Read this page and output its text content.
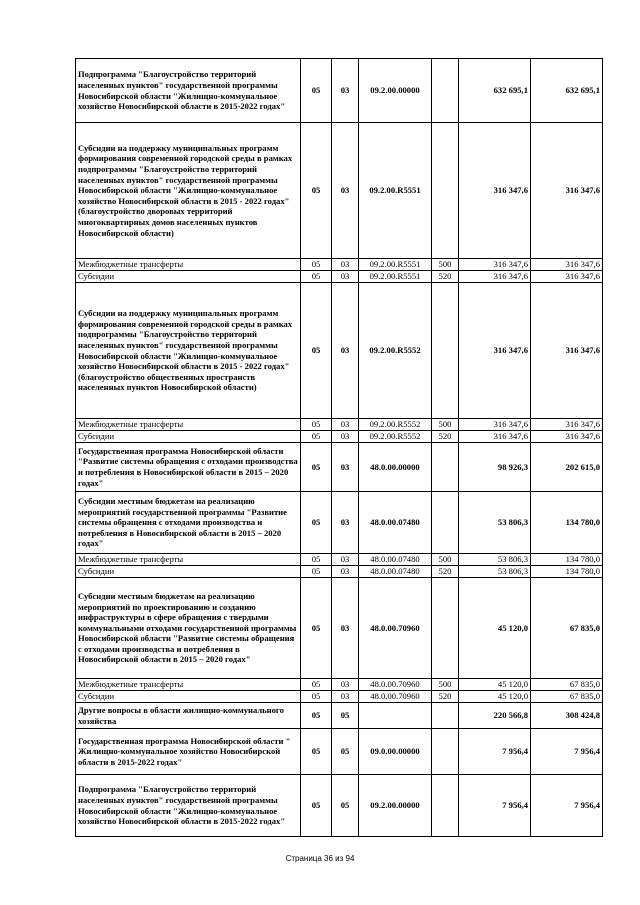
Подпрограмма "Благоустройство территорий населенных пунктов" государственной программы Новосибирской области "Жилищно-коммунальное хозяйство Новосибирской области в 2015-2022 годах"	05	03	09.2.00.00000		632 695,1	632 695,1
Субсидии на поддержку муниципальных программ формирования современной городской среды в рамках подпрограммы "Благоустройство территорий населенных пунктов" государственной программы Новосибирской области "Жилищно-коммунальное хозяйство Новосибирской области в 2015 - 2022 годах" (благоустройство дворовых территорий многоквартирных домов населенных пунктов Новосибирской области)	05	03	09.2.00.R5551		316 347,6	316 347,6
Межбюджетные трансферты	05	03	09.2.00.R5551	500	316 347,6	316 347,6
Субсидии	05	03	09.2.00.R5551	520	316 347,6	316 347,6
Субсидии на поддержку муниципальных программ формирования современной городской среды в рамках подпрограммы "Благоустройство территорий населенных пунктов" государственной программы Новосибирской области "Жилищно-коммунальное хозяйство Новосибирской области в 2015 - 2022 годах" (благоустройство общественных пространств населенных пунктов Новосибирской области)	05	03	09.2.00.R5552		316 347,6	316 347,6
Межбюджетные трансферты	05	03	09.2.00.R5552	500	316 347,6	316 347,6
Субсидии	05	03	09.2.00.R5552	520	316 347,6	316 347,6
Государственная программа Новосибирской области "Развитие системы обращения с отходами производства и потребления в Новосибирской области в 2015 – 2020 годах"	05	03	48.0.00.00000		98 926,3	202 615,0
Субсидии местным бюджетам на реализацию мероприятий государственной программы "Развитие системы обращения с отходами производства и потребления в Новосибирской области в 2015 – 2020 годах"	05	03	48.0.00.07480		53 806,3	134 780,0
Межбюджетные трансферты	05	03	48.0.00.07480	500	53 806,3	134 780,0
Субсидии	05	03	48.0.00.07480	520	53 806,3	134 780,0
Субсидии местным бюджетам на реализацию мероприятий по проектированию и созданию инфраструктуры в сфере обращения с твердыми коммунальными отходами государственной программы Новосибирской области "Развитие системы обращения с отходами производства и потребления в Новосибирской области в 2015 – 2020 годах"	05	03	48.0.00.70960		45 120,0	67 835,0
Межбюджетные трансферты	05	03	48.0.00.70960	500	45 120,0	67 835,0
Субсидии	05	03	48.0.00.70960	520	45 120,0	67 835,0
Другие вопросы в области жилищно-коммунального хозяйства	05	05			220 566,8	308 424,8
Государственная программа Новосибирской области " Жилищно-коммунальное хозяйство Новосибирской области в 2015-2022 годах"	05	05	09.0.00.00000		7 956,4	7 956,4
Подпрограмма "Благоустройство территорий населенных пунктов" государственной программы Новосибирской области "Жилищно-коммунальное хозяйство Новосибирской области в 2015-2022 годах"	05	05	09.2.00.00000		7 956,4	7 956,4
Страница 36 из 94
